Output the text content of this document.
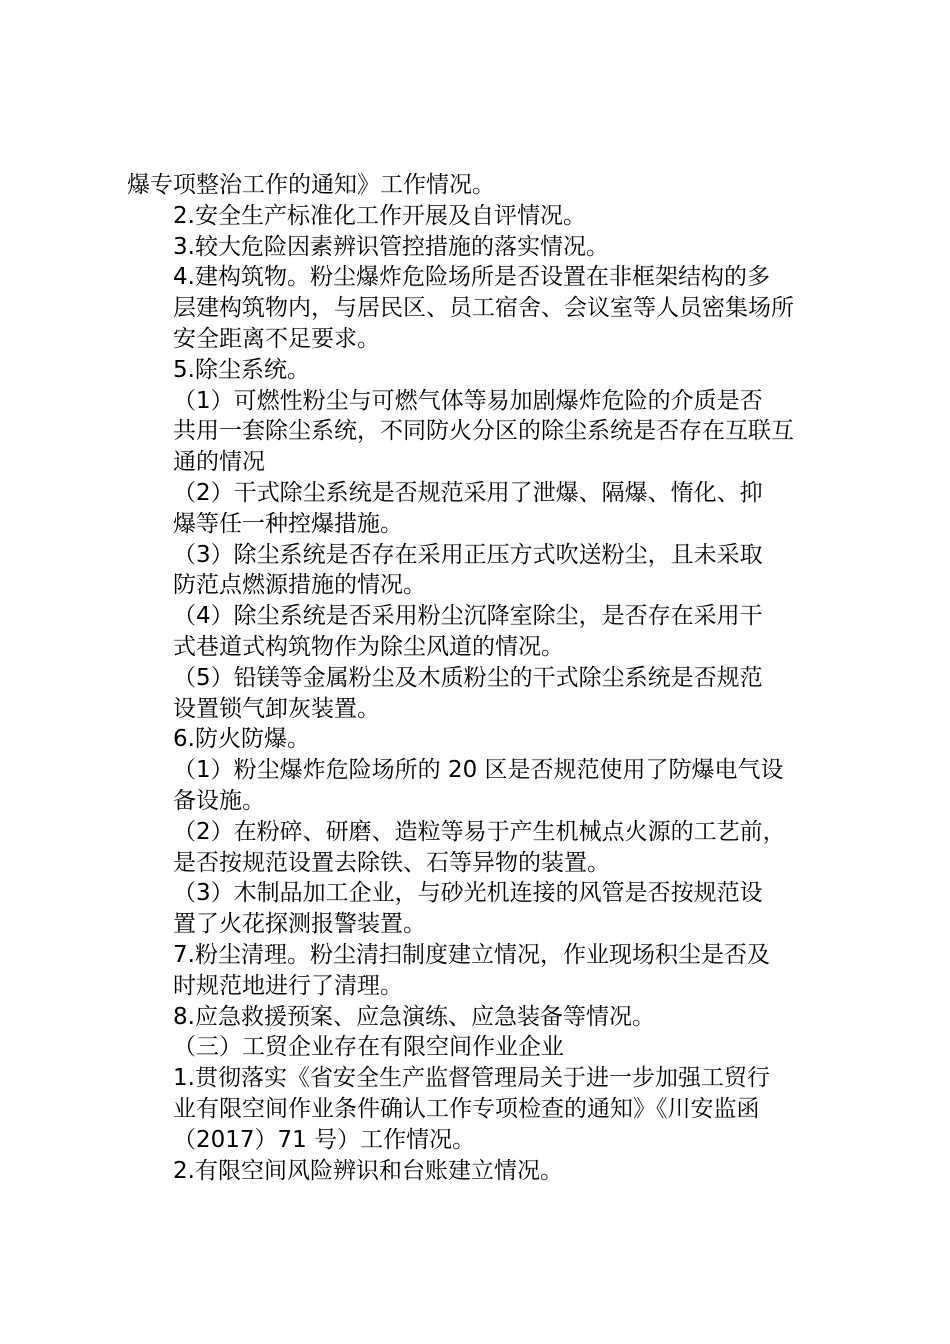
爆专项整治工作的通知》工作情况。
2.安全生产标准化工作开展及自评情况。
3.较大危险因素辨识管控措施的落实情况。
4.建构筑物。粉尘爆炸危险场所是否设置在非框架结构的多
层建构筑物内，与居民区、员工宿舍、会议室等人员密集场所
安全距离不足要求。
5.除尘系统。
（1）可燃性粉尘与可燃气体等易加剧爆炸危险的介质是否
共用一套除尘系统，不同防火分区的除尘系统是否存在互联互
通的情况
（2）干式除尘系统是否规范采用了泄爆、隔爆、惰化、抑
爆等任一种控爆措施。
（3）除尘系统是否存在采用正压方式吹送粉尘，且未采取
防范点燃源措施的情况。
（4）除尘系统是否采用粉尘沉降室除尘，是否存在采用干
式巷道式构筑物作为除尘风道的情况。
（5）铅镁等金属粉尘及木质粉尘的干式除尘系统是否规范
设置锁气卸灰装置。
6.防火防爆。
（1）粉尘爆炸危险场所的 20 区是否规范使用了防爆电气设
备设施。
（2）在粉碎、研磨、造粒等易于产生机械点火源的工艺前，
是否按规范设置去除铁、石等异物的装置。
（3）木制品加工企业，与砂光机连接的风管是否按规范设
置了火花探测报警装置。
7.粉尘清理。粉尘清扫制度建立情况，作业现场积尘是否及
时规范地进行了清理。
8.应急救援预案、应急演练、应急装备等情况。
（三）工贸企业存在有限空间作业企业
1.贯彻落实《省安全生产监督管理局关于进一步加强工贸行
业有限空间作业条件确认工作专项检查的通知》《川安监函
（2017）71 号）工作情况。
2.有限空间风险辨识和台账建立情况。
